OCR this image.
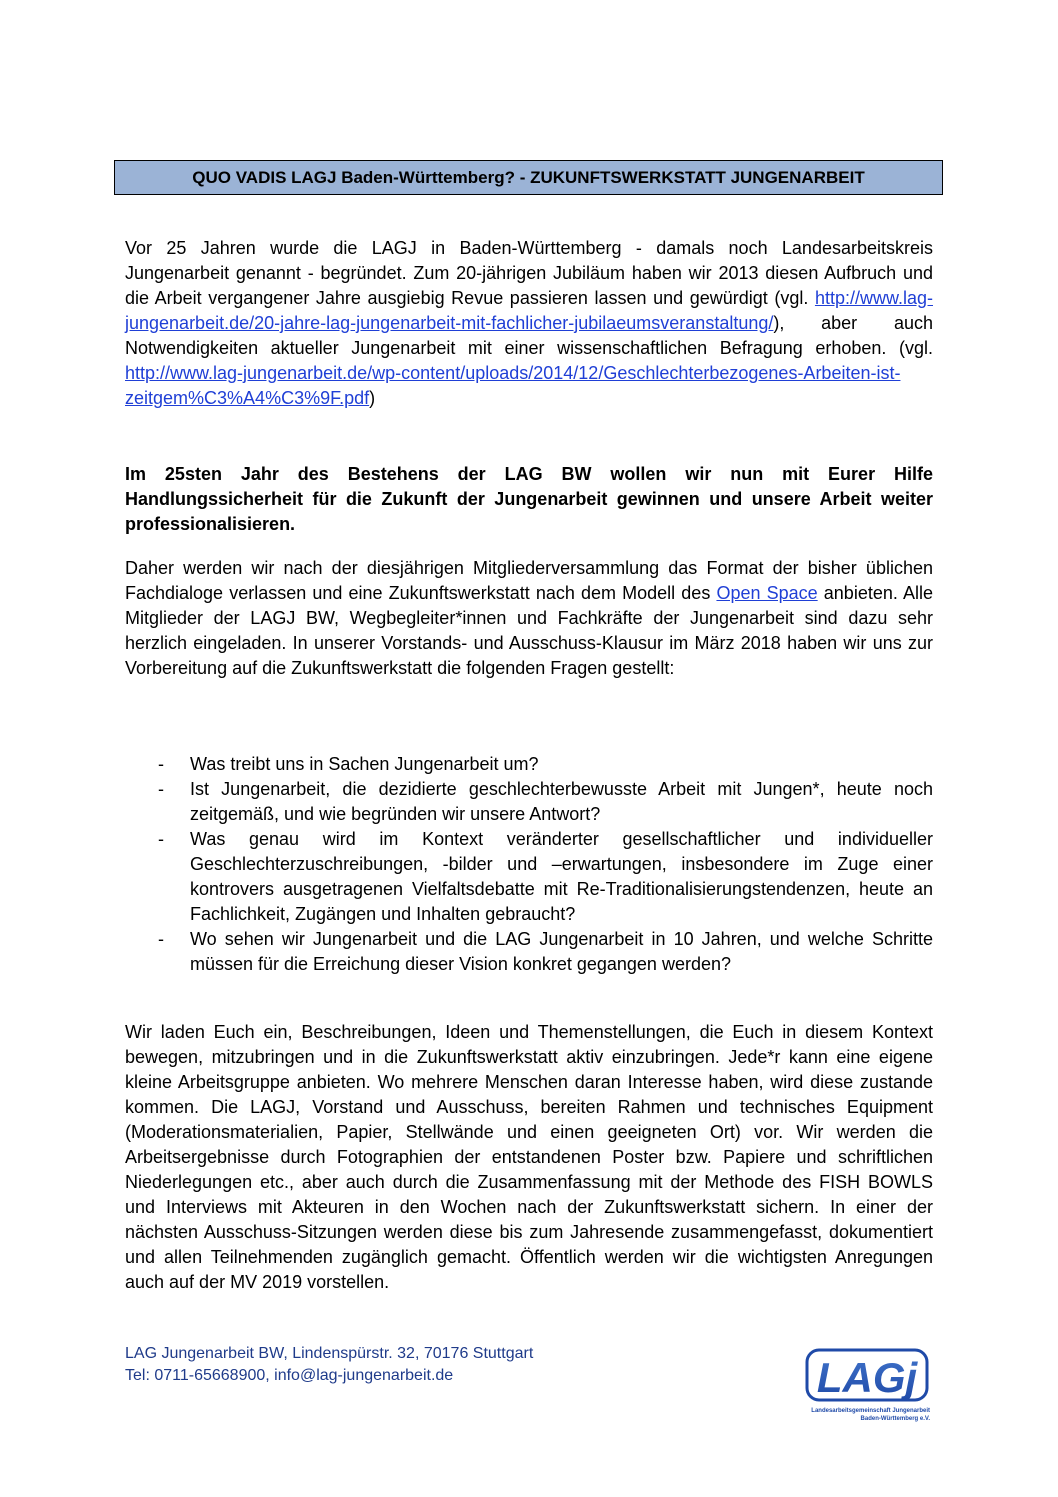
QUO VADIS LAGJ Baden-Württemberg? - ZUKUNFTSWERKSTATT JUNGENARBEIT

Vor 25 Jahren wurde die LAGJ in Baden-Württemberg - damals noch Landesarbeitskreis Jungenarbeit genannt - begründet. Zum 20-jährigen Jubiläum haben wir 2013 diesen Aufbruch und die Arbeit vergangener Jahre ausgiebig Revue passieren lassen und gewürdigt (vgl. http://www.lag-jungenarbeit.de/20-jahre-lag-jungenarbeit-mit-fachlicher-jubilaeumsveranstaltung/), aber auch Notwendigkeiten aktueller Jungenarbeit mit einer wissenschaftlichen Befragung erhoben. (vgl. http://www.lag-jungenarbeit.de/wp-content/uploads/2014/12/Geschlechterbezogenes-Arbeiten-ist-zeitgem%C3%A4%C3%9F.pdf)

Im 25sten Jahr des Bestehens der LAG BW wollen wir nun mit Eurer Hilfe Handlungssicherheit für die Zukunft der Jungenarbeit gewinnen und unsere Arbeit weiter professionalisieren.

Daher werden wir nach der diesjährigen Mitgliederversammlung das Format der bisher üblichen Fachdialoge verlassen und eine Zukunftswerkstatt nach dem Modell des Open Space anbieten. Alle Mitglieder der LAGJ BW, Wegbegleiter*innen und Fachkräfte der Jungenarbeit sind dazu sehr herzlich eingeladen. In unserer Vorstands- und Ausschuss-Klausur im März 2018 haben wir uns zur Vorbereitung auf die Zukunftswerkstatt die folgenden Fragen gestellt:

- Was treibt uns in Sachen Jungenarbeit um?
- Ist Jungenarbeit, die dezidierte geschlechterbewusste Arbeit mit Jungen*, heute noch zeitgemäß, und wie begründen wir unsere Antwort?
- Was genau wird im Kontext veränderter gesellschaftlicher und individueller Geschlechterzuschreibungen, -bilder und –erwartungen, insbesondere im Zuge einer kontrovers ausgetragenen Vielfaltsdebatte mit Re-Traditionalisierungstendenzen, heute an Fachlichkeit, Zugängen und Inhalten gebraucht?
- Wo sehen wir Jungenarbeit und die LAG Jungenarbeit in 10 Jahren, und welche Schritte müssen für die Erreichung dieser Vision konkret gegangen werden?

Wir laden Euch ein, Beschreibungen, Ideen und Themenstellungen, die Euch in diesem Kontext bewegen, mitzubringen und in die Zukunftswerkstatt aktiv einzubringen. Jede*r kann eine eigene kleine Arbeitsgruppe anbieten. Wo mehrere Menschen daran Interesse haben, wird diese zustande kommen. Die LAGJ, Vorstand und Ausschuss, bereiten Rahmen und technisches Equipment (Moderationsmaterialien, Papier, Stellwände und einen geeigneten Ort) vor. Wir werden die Arbeitsergebnisse durch Fotographien der entstandenen Poster bzw. Papiere und schriftlichen Niederlegungen etc., aber auch durch die Zusammenfassung mit der Methode des FISH BOWLS und Interviews mit Akteuren in den Wochen nach der Zukunftswerkstatt sichern. In einer der nächsten Ausschuss-Sitzungen werden diese bis zum Jahresende zusammengefasst, dokumentiert und allen Teilnehmenden zugänglich gemacht. Öffentlich werden wir die wichtigsten Anregungen auch auf der MV 2019 vorstellen.

LAG Jungenarbeit BW, Lindenspürstr. 32, 70176 Stuttgart
Tel: 0711-65668900, info@lag-jungenarbeit.de	LAGj
Landesarbeitsgemeinschaft Jungenarbeit
Baden-Württemberg e.V.
